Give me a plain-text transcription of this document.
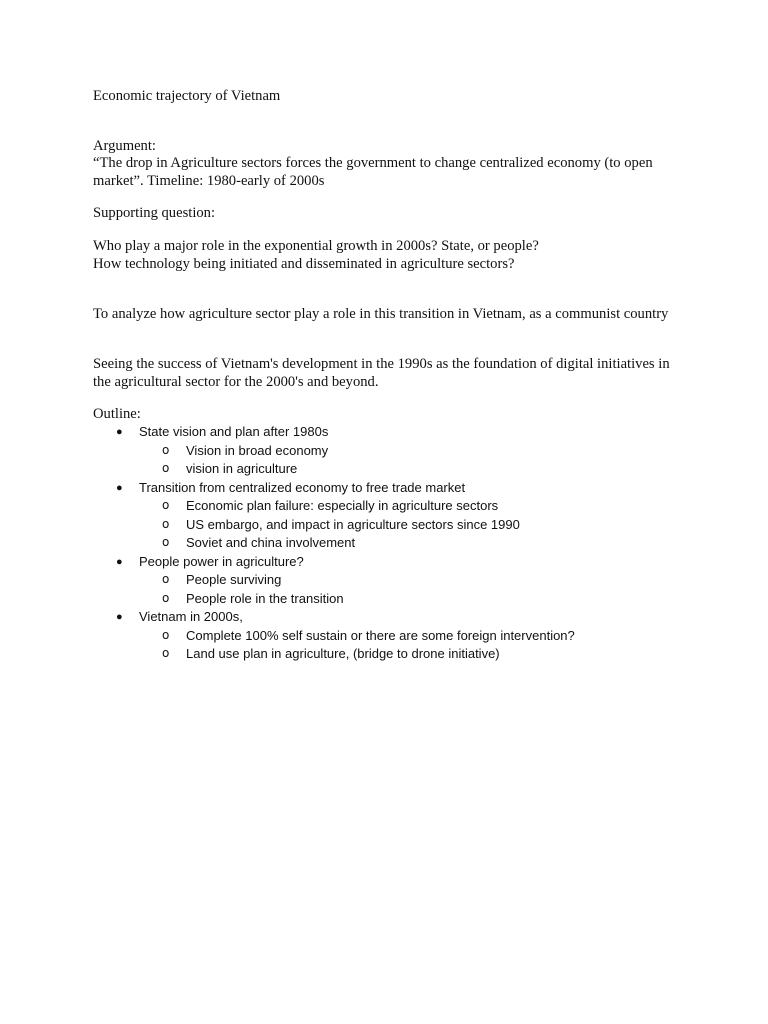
Economic trajectory of Vietnam

Argument:

“The drop in Agriculture sectors forces the government to change centralized economy (to open market”. Timeline: 1980-early of 2000s

Supporting question:

Who play a major role in the exponential growth in 2000s? State, or people?

How technology being initiated and disseminated in agriculture sectors?

To analyze how agriculture sector play a role in this transition in Vietnam, as a communist country

Seeing the success of Vietnam's development in the 1990s as the foundation of digital initiatives in the agricultural sector for the 2000's and beyond.

Outline:

● State vision and plan after 1980s
o Vision in broad economy
o vision in agriculture
● Transition from centralized economy to free trade market
o Economic plan failure: especially in agriculture sectors
o US embargo, and impact in agriculture sectors since 1990
o Soviet and china involvement
● People power in agriculture?
o People surviving
o People role in the transition
● Vietnam in 2000s,
o Complete 100% self sustain or there are some foreign intervention?
o Land use plan in agriculture, (bridge to drone initiative)
